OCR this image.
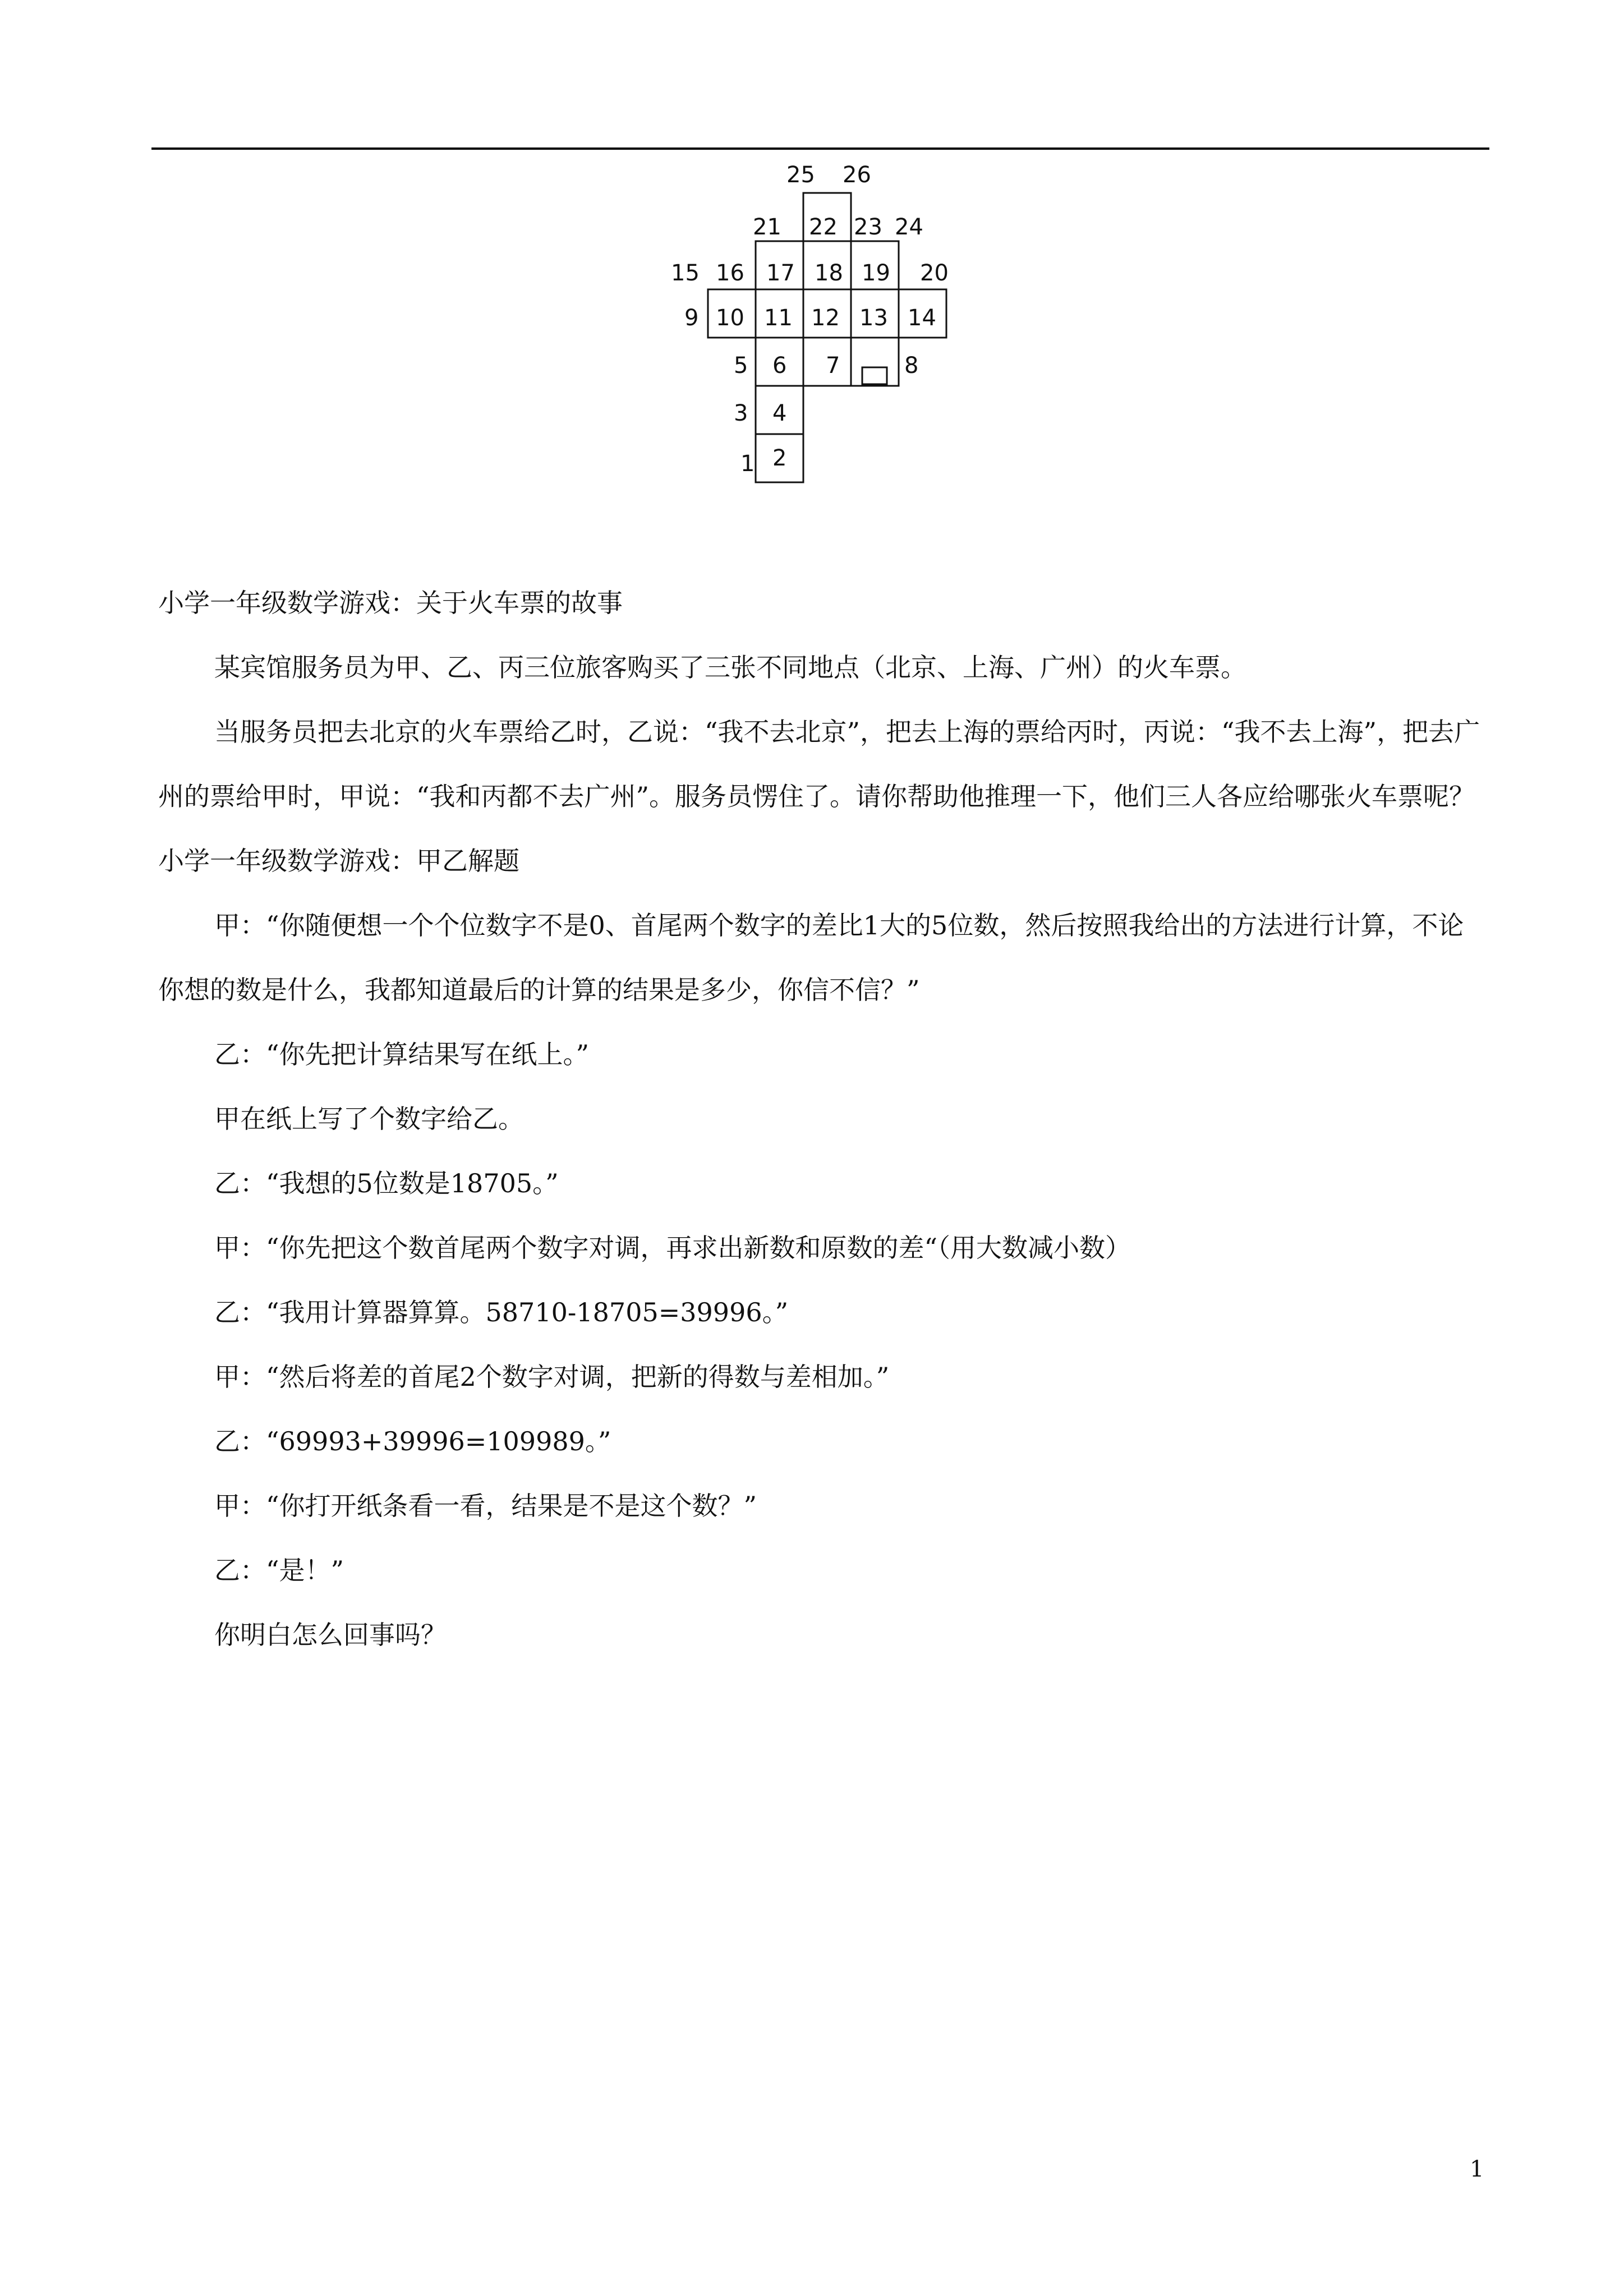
25 26
21 22 23 24
15 16 17 18 19 20
9 10 11 12 13 14
5 6 7	8
3 4
1 2

小学一年级数学游戏：关于火车票的故事

某宾馆服务员为甲、乙、丙三位旅客购买了三张不同地点（北京、上海、广州）的火车票。

当服务员把去北京的火车票给乙时，乙说：“我不去北京”，把去上海的票给丙时，丙说：“我不去上海”，把去广州的票给甲时，甲说：“我和丙都不去广州”。服务员愣住了。请你帮助他推理一下，他们三人各应给哪张火车票呢？

小学一年级数学游戏：甲乙解题

甲：“你随便想一个个位数字不是0、首尾两个数字的差比1大的5位数，然后按照我给出的方法进行计算，不论你想的数是什么，我都知道最后的计算的结果是多少，你信不信？”

乙：“你先把计算结果写在纸上。”

甲在纸上写了个数字给乙。

乙：“我想的5位数是18705。”

甲：“你先把这个数首尾两个数字对调，再求出新数和原数的差“（用大数减小数）

乙：“我用计算器算算。58710-18705=39996。”

甲：“然后将差的首尾2个数字对调，把新的得数与差相加。”

乙：“69993+39996=109989。”

甲：“你打开纸条看一看，结果是不是这个数？”

乙：“是！”

你明白怎么回事吗？

1
